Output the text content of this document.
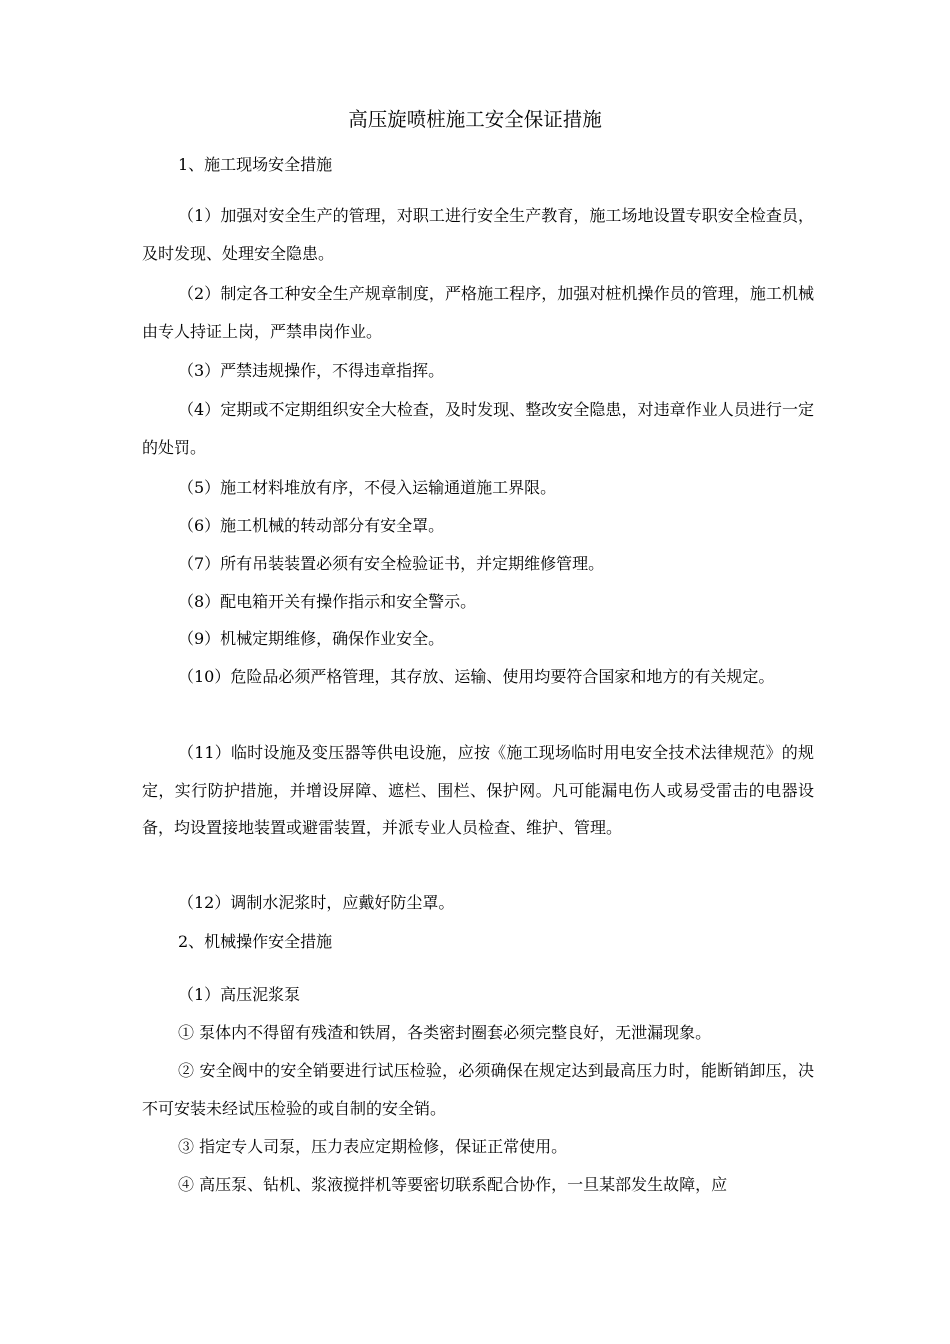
高压旋喷桩施工安全保证措施
1、施工现场安全措施
（1）加强对安全生产的管理，对职工进行安全生产教育，施工场地设置专职安全检查员，及时发现、处理安全隐患。
（2）制定各工种安全生产规章制度，严格施工程序，加强对桩机操作员的管理，施工机械由专人持证上岗，严禁串岗作业。
（3）严禁违规操作，不得违章指挥。
（4）定期或不定期组织安全大检查，及时发现、整改安全隐患，对违章作业人员进行一定的处罚。
（5）施工材料堆放有序，不侵入运输通道施工界限。
（6）施工机械的转动部分有安全罩。
（7）所有吊装装置必须有安全检验证书，并定期维修管理。
（8）配电箱开关有操作指示和安全警示。
（9）机械定期维修，确保作业安全。
（10）危险品必须严格管理，其存放、运输、使用均要符合国家和地方的有关规定。
（11）临时设施及变压器等供电设施，应按《施工现场临时用电安全技术法律规范》的规定，实行防护措施，并增设屏障、遮栏、围栏、保护网。凡可能漏电伤人或易受雷击的电器设备，均设置接地装置或避雷装置，并派专业人员检查、维护、管理。
（12）调制水泥浆时，应戴好防尘罩。
2、机械操作安全措施
（1）高压泥浆泵
① 泵体内不得留有残渣和铁屑，各类密封圈套必须完整良好，无泄漏现象。
② 安全阀中的安全销要进行试压检验，必须确保在规定达到最高压力时，能断销卸压，决不可安装未经试压检验的或自制的安全销。
③ 指定专人司泵，压力表应定期检修，保证正常使用。
④ 高压泵、钻机、浆液搅拌机等要密切联系配合协作，一旦某部发生故障，应
